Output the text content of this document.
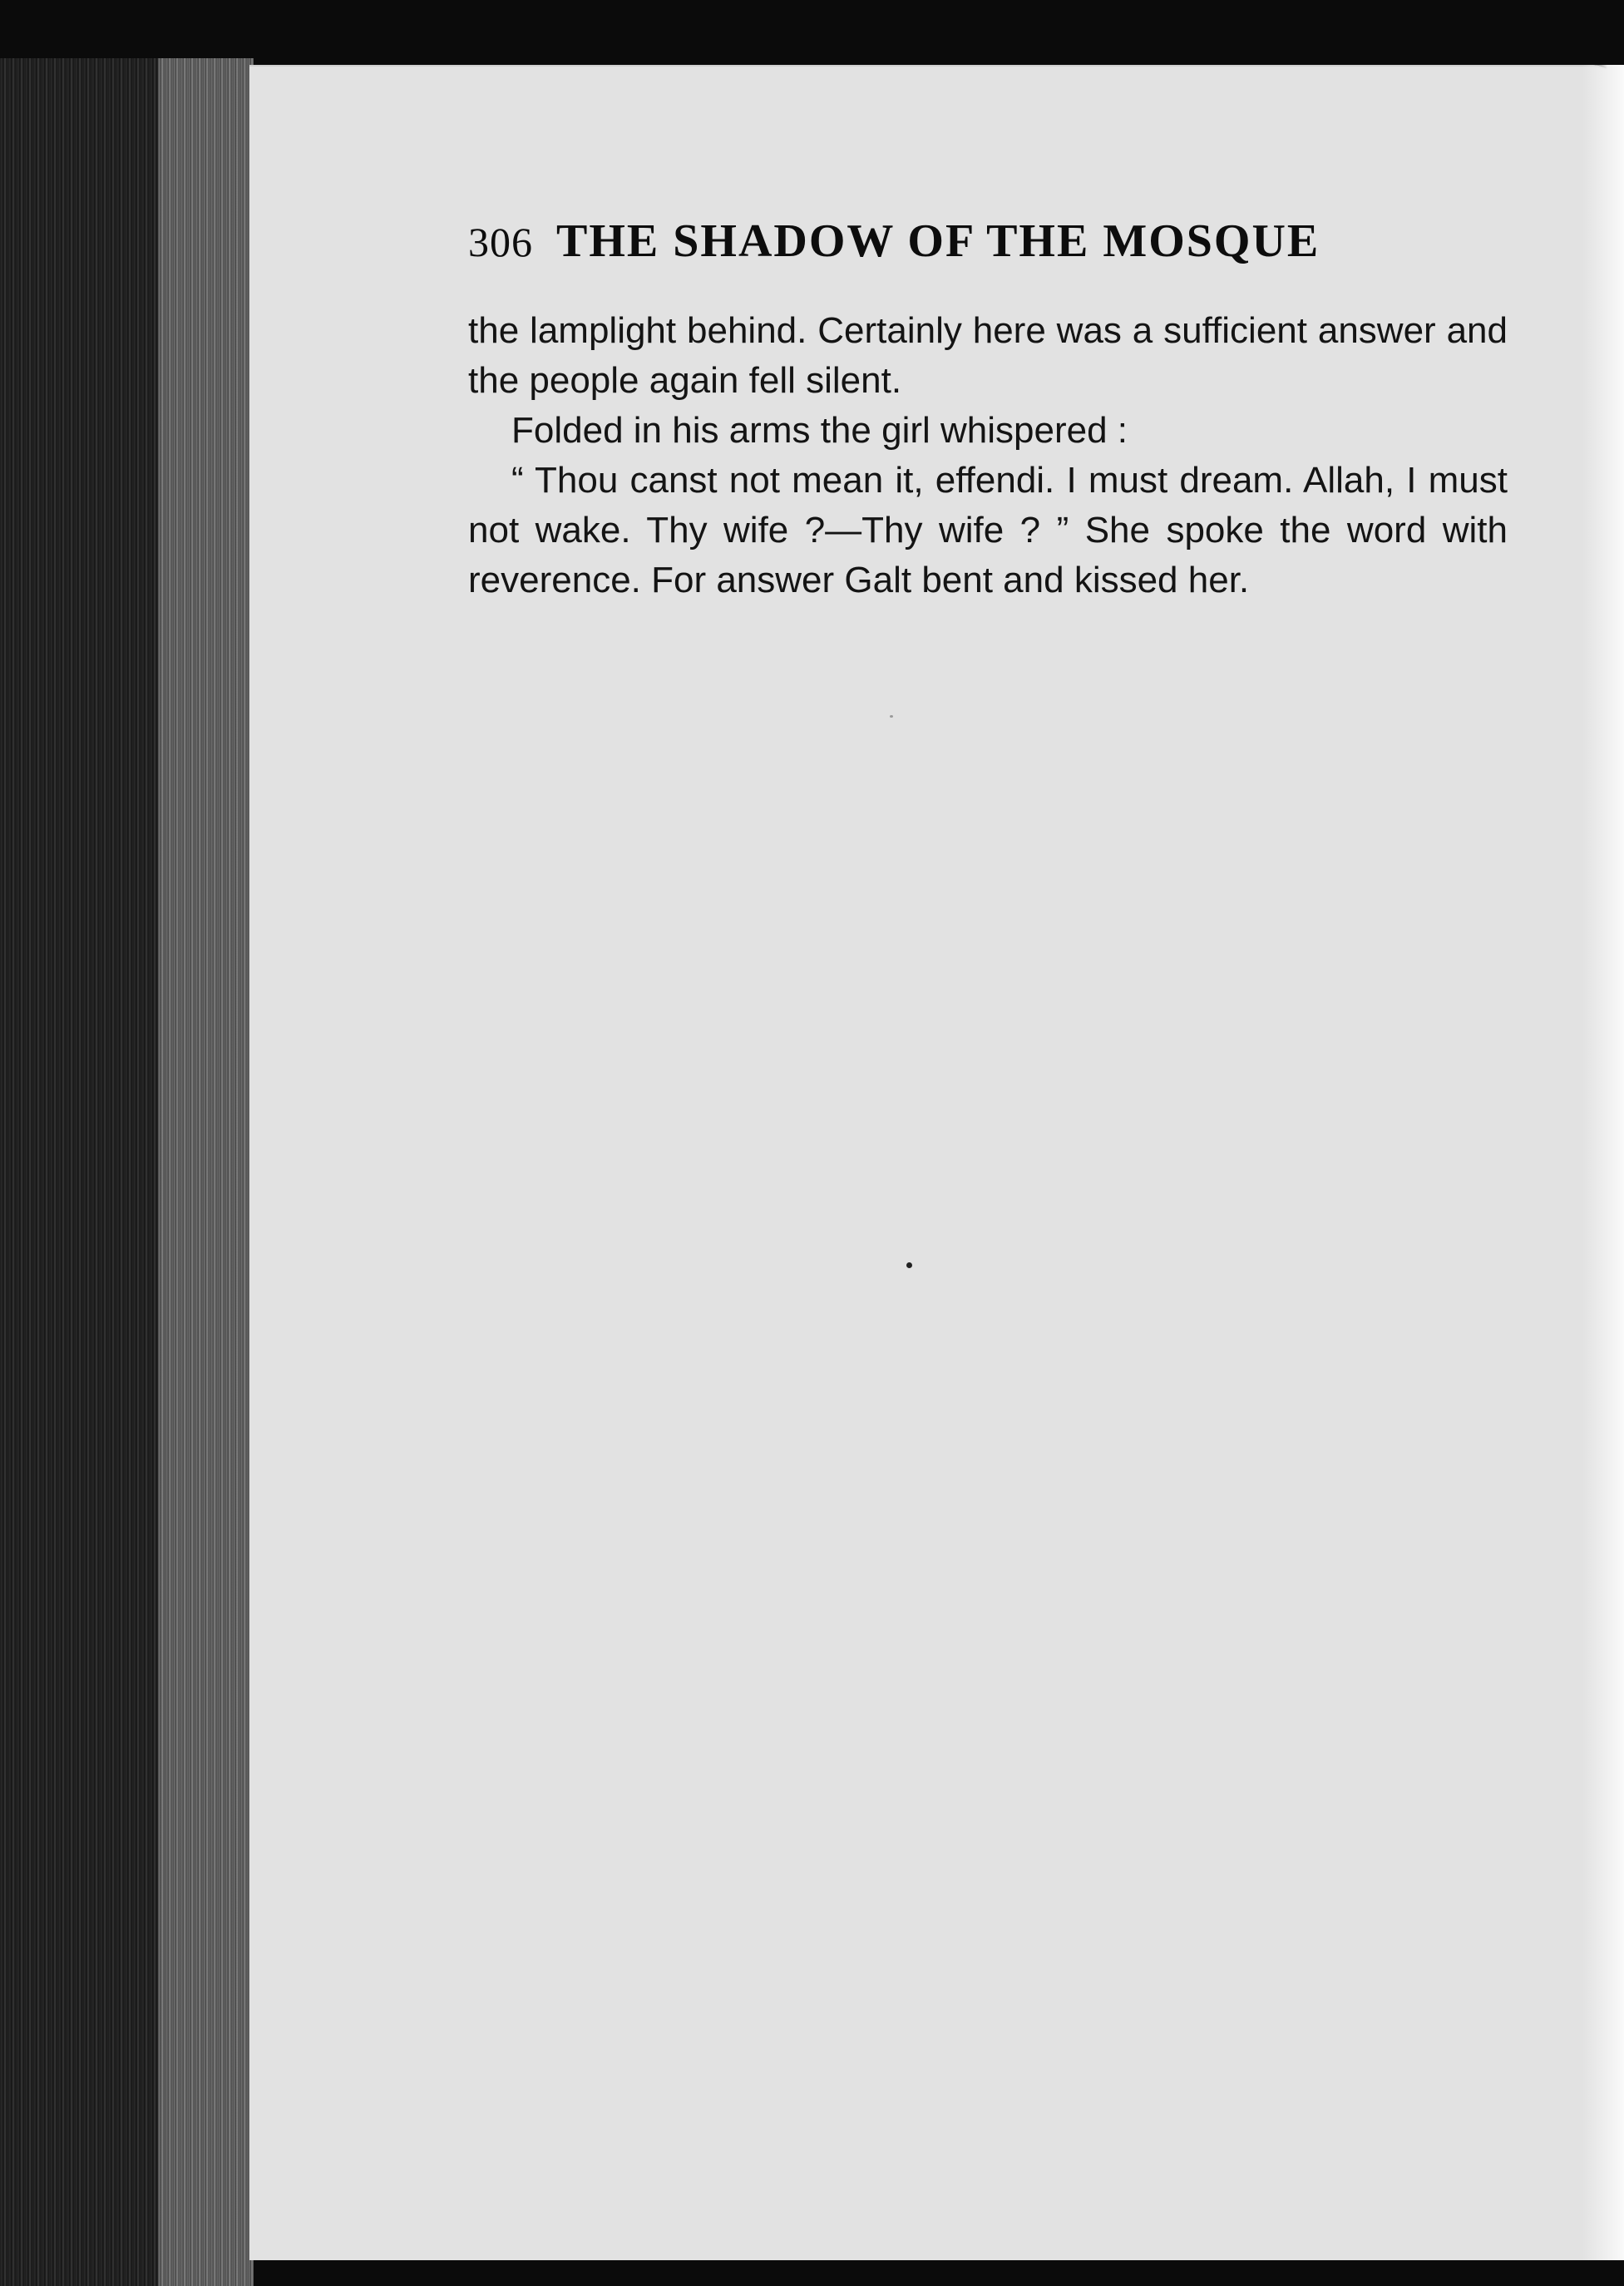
306 THE SHADOW OF THE MOSQUE

the lamplight behind. Certainly here was a sufficient answer and the people again fell silent.

Folded in his arms the girl whispered :

“ Thou canst not mean it, effendi. I must dream. Allah, I must not wake. Thy wife ?—Thy wife ? ” She spoke the word with reverence. For answer Galt bent and kissed her.
